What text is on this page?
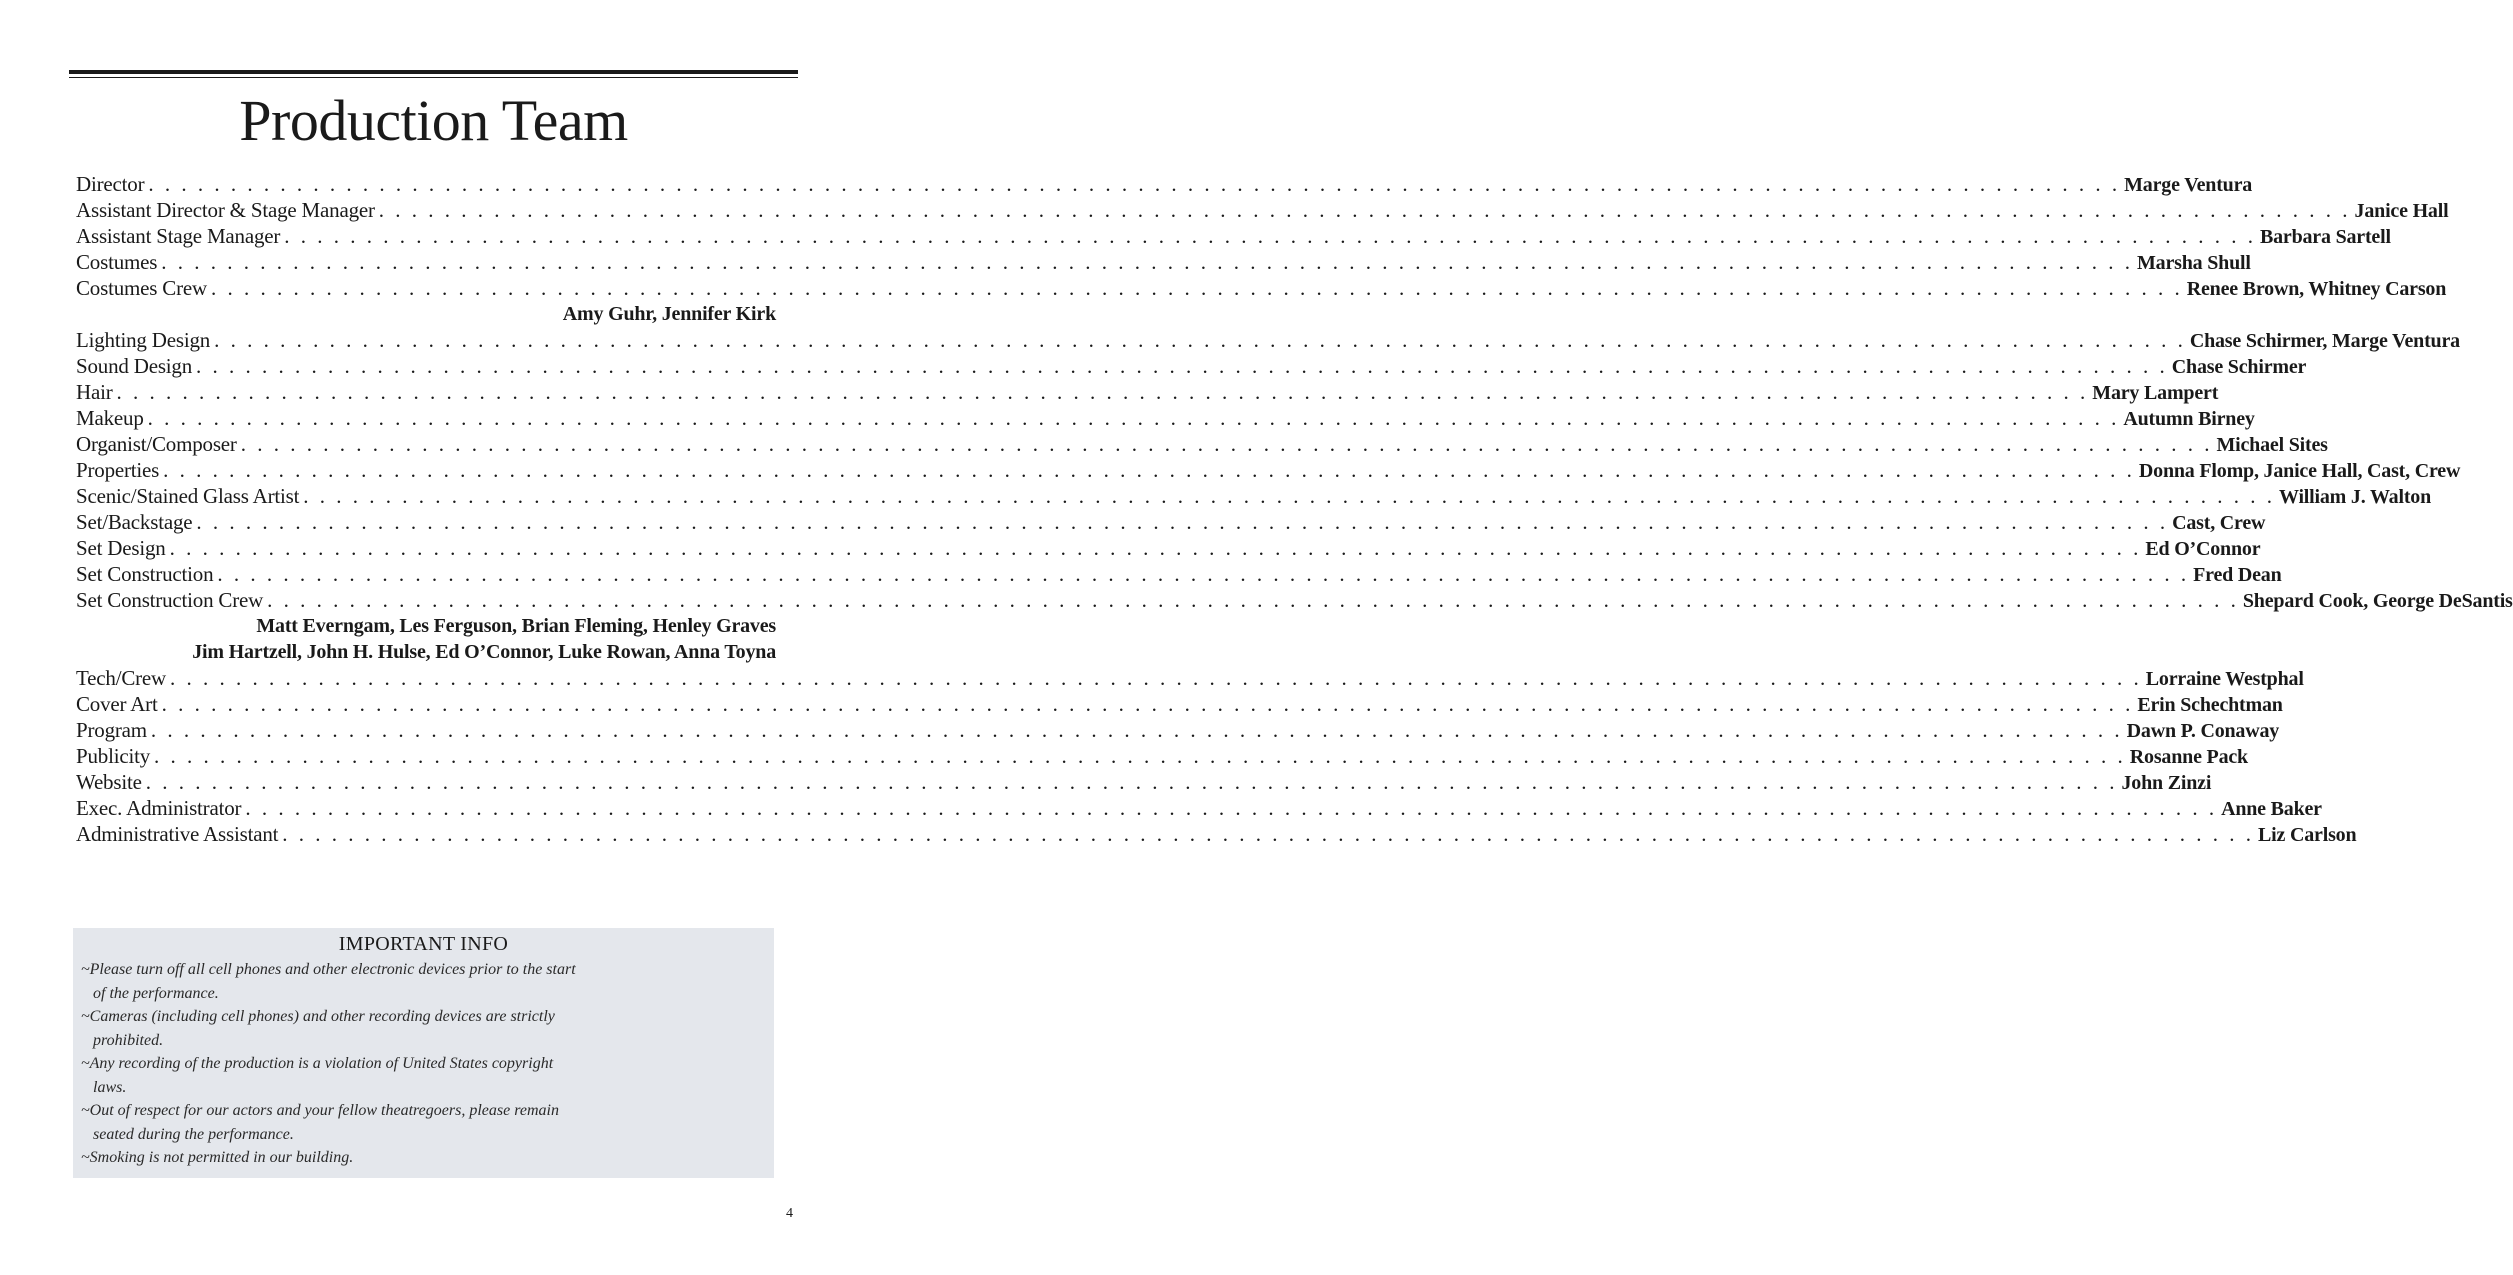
Production Team
Director . . . . . . . . . . . . . . . . . . . . . . . . . . . . . . . . . . . . . . . . . . . . . . . . . . . . . . . . . . . . . . . . . . . . . . . . . . . . . . . . . . . . . . . . . . . . . . . . . . . . . . . . . . . . . . . . . . . . . . . . Marge Ventura
Assistant Director & Stage Manager . . . . . . . . . . . . . . . . . . . . . . . . . . . . . . . . . . . . . . . . . . . . . . . . . . . . . . . . . . . . . . . . . . . . . . . . . . . . . . . . . . . . . . . . . . . . . . . . . . . . . . . . . . . . . . . . . . . . . . . . Janice Hall
Assistant Stage Manager . . . . . . . . . . . . . . . . . . . . . . . . . . . . . . . . . . . . . . . . . . . . . . . . . . . . . . . . . . . . . . . . . . . . . . . . . . . . . . . . . . . . . . . . . . . . . . . . . . . . . . . . . . . . . . . . . . . . . . . . Barbara Sartell
Costumes . . . . . . . . . . . . . . . . . . . . . . . . . . . . . . . . . . . . . . . . . . . . . . . . . . . . . . . . . . . . . . . . . . . . . . . . . . . . . . . . . . . . . . . . . . . . . . . . . . . . . . . . . . . . . . . . . . . . . . . . Marsha Shull
Costumes Crew . . . . . . . . . . . . . . . . . . . . . . . . . . . . . . . . . . . . . . . . . . . . . . . . . . . . . . . . . . . . . . . . . . . . . . . . . . . . . . . . . . . . . . . . . . . . . . . . . . . . . . . . . . . . . . . . . . . . . . . . Renee Brown, Whitney Carson
Amy Guhr, Jennifer Kirk
Lighting Design . . . . . . . . . . . . . . . . . . . . . . . . . . . . . . . . . . . . . . . . . . . . . . . . . . . . . . . . . . . . . . . . . . . . . . . . . . . . . . . . . . . . . . . . . . . . . . . . . . . . . . . . . . . . . . . . . . . . . . . . Chase Schirmer, Marge Ventura
Sound Design . . . . . . . . . . . . . . . . . . . . . . . . . . . . . . . . . . . . . . . . . . . . . . . . . . . . . . . . . . . . . . . . . . . . . . . . . . . . . . . . . . . . . . . . . . . . . . . . . . . . . . . . . . . . . . . . . . . . . . . . Chase Schirmer
Hair . . . . . . . . . . . . . . . . . . . . . . . . . . . . . . . . . . . . . . . . . . . . . . . . . . . . . . . . . . . . . . . . . . . . . . . . . . . . . . . . . . . . . . . . . . . . . . . . . . . . . . . . . . . . . . . . . . . . . . . . Mary Lampert
Makeup . . . . . . . . . . . . . . . . . . . . . . . . . . . . . . . . . . . . . . . . . . . . . . . . . . . . . . . . . . . . . . . . . . . . . . . . . . . . . . . . . . . . . . . . . . . . . . . . . . . . . . . . . . . . . . . . . . . . . . . . Autumn Birney
Organist/Composer . . . . . . . . . . . . . . . . . . . . . . . . . . . . . . . . . . . . . . . . . . . . . . . . . . . . . . . . . . . . . . . . . . . . . . . . . . . . . . . . . . . . . . . . . . . . . . . . . . . . . . . . . . . . . . . . . . . . . . . . Michael Sites
Properties . . . . . . . . . . . . . . . . . . . . . . . . . . . . . . . . . . . . . . . . . . . . . . . . . . . . . . . . . . . . . . . . . . . . . . . . . . . . . . . . . . . . . . . . . . . . . . . . . . . . . . . . . . . . . . . . . . . . . . . . Donna Flomp, Janice Hall, Cast, Crew
Scenic/Stained Glass Artist . . . . . . . . . . . . . . . . . . . . . . . . . . . . . . . . . . . . . . . . . . . . . . . . . . . . . . . . . . . . . . . . . . . . . . . . . . . . . . . . . . . . . . . . . . . . . . . . . . . . . . . . . . . . . . . . . . . . . . . . William J. Walton
Set/Backstage . . . . . . . . . . . . . . . . . . . . . . . . . . . . . . . . . . . . . . . . . . . . . . . . . . . . . . . . . . . . . . . . . . . . . . . . . . . . . . . . . . . . . . . . . . . . . . . . . . . . . . . . . . . . . . . . . . . . . . . . Cast, Crew
Set Design . . . . . . . . . . . . . . . . . . . . . . . . . . . . . . . . . . . . . . . . . . . . . . . . . . . . . . . . . . . . . . . . . . . . . . . . . . . . . . . . . . . . . . . . . . . . . . . . . . . . . . . . . . . . . . . . . . . . . . . . Ed O’Connor
Set Construction . . . . . . . . . . . . . . . . . . . . . . . . . . . . . . . . . . . . . . . . . . . . . . . . . . . . . . . . . . . . . . . . . . . . . . . . . . . . . . . . . . . . . . . . . . . . . . . . . . . . . . . . . . . . . . . . . . . . . . . . Fred Dean
Set Construction Crew . . . . . . . . . . . . . . . . . . . . . . . . . . . . . . . . . . . . . . . . . . . . . . . . . . . . . . . . . . . . . . . . . . . . . . . . . . . . . . . . . . . . . . . . . . . . . . . . . . . . . . . . . . . . . . . . . . . . . . . . Shepard Cook, George DeSantis
Matt Everngam, Les Ferguson, Brian Fleming, Henley Graves
Jim Hartzell, John H. Hulse, Ed O’Connor, Luke Rowan, Anna Toyna
Tech/Crew . . . . . . . . . . . . . . . . . . . . . . . . . . . . . . . . . . . . . . . . . . . . . . . . . . . . . . . . . . . . . . . . . . . . . . . . . . . . . . . . . . . . . . . . . . . . . . . . . . . . . . . . . . . . . . . . . . . . . . . . Lorraine Westphal
Cover Art . . . . . . . . . . . . . . . . . . . . . . . . . . . . . . . . . . . . . . . . . . . . . . . . . . . . . . . . . . . . . . . . . . . . . . . . . . . . . . . . . . . . . . . . . . . . . . . . . . . . . . . . . . . . . . . . . . . . . . . . Erin Schechtman
Program . . . . . . . . . . . . . . . . . . . . . . . . . . . . . . . . . . . . . . . . . . . . . . . . . . . . . . . . . . . . . . . . . . . . . . . . . . . . . . . . . . . . . . . . . . . . . . . . . . . . . . . . . . . . . . . . . . . . . . . . Dawn P. Conaway
Publicity . . . . . . . . . . . . . . . . . . . . . . . . . . . . . . . . . . . . . . . . . . . . . . . . . . . . . . . . . . . . . . . . . . . . . . . . . . . . . . . . . . . . . . . . . . . . . . . . . . . . . . . . . . . . . . . . . . . . . . . . Rosanne Pack
Website . . . . . . . . . . . . . . . . . . . . . . . . . . . . . . . . . . . . . . . . . . . . . . . . . . . . . . . . . . . . . . . . . . . . . . . . . . . . . . . . . . . . . . . . . . . . . . . . . . . . . . . . . . . . . . . . . . . . . . . . John Zinzi
Exec. Administrator . . . . . . . . . . . . . . . . . . . . . . . . . . . . . . . . . . . . . . . . . . . . . . . . . . . . . . . . . . . . . . . . . . . . . . . . . . . . . . . . . . . . . . . . . . . . . . . . . . . . . . . . . . . . . . . . . . . . . . . . Anne Baker
Administrative Assistant . . . . . . . . . . . . . . . . . . . . . . . . . . . . . . . . . . . . . . . . . . . . . . . . . . . . . . . . . . . . . . . . . . . . . . . . . . . . . . . . . . . . . . . . . . . . . . . . . . . . . . . . . . . . . . . . . . . . . . . . Liz Carlson
IMPORTANT INFO
~Please turn off all cell phones and other electronic devices prior to the start
of the performance.
~Cameras (including cell phones) and other recording devices are strictly
prohibited.
~Any recording of the production is a violation of United States copyright
laws.
~Out of respect for our actors and your fellow theatregoers, please remain
seated during the performance.
~Smoking is not permitted in our building.
4
